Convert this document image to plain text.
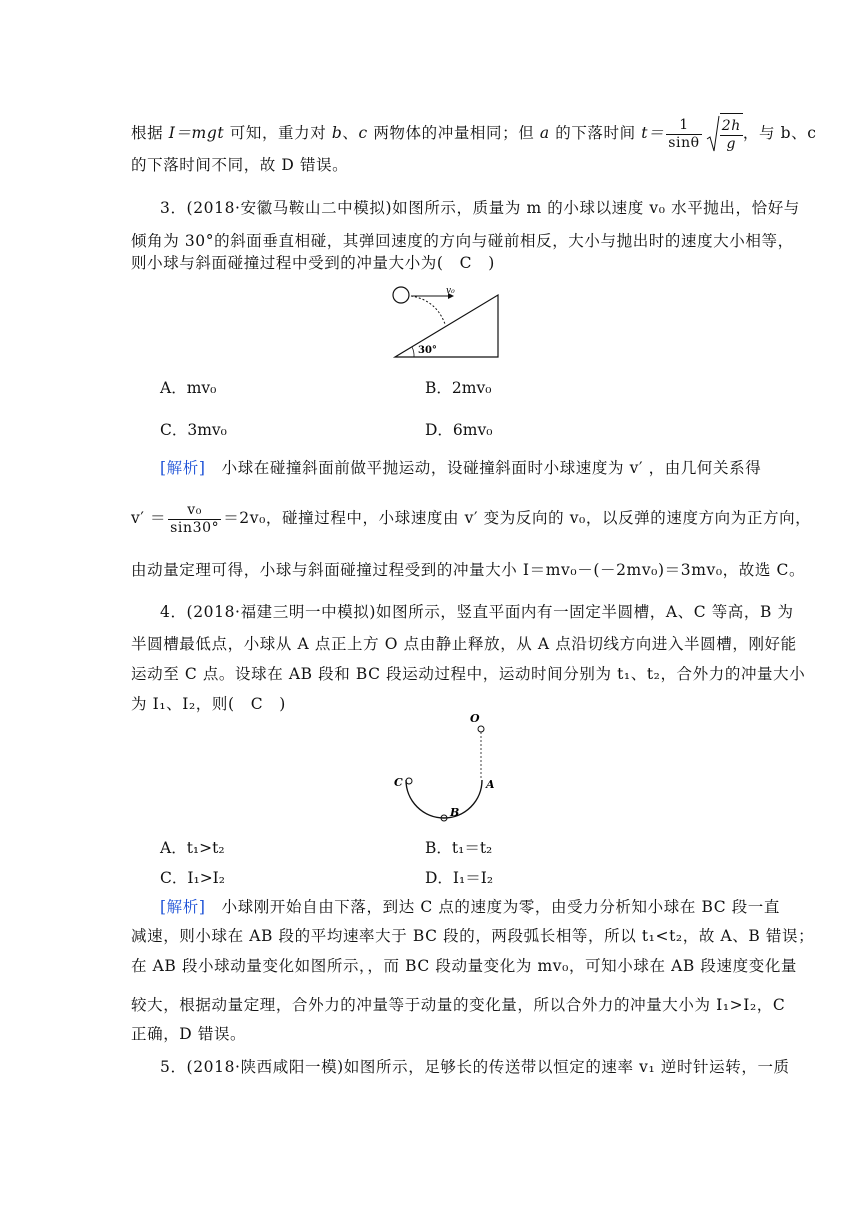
根据 I＝mgt 可知，重力对 b、c 两物体的冲量相同；但 a 的下落时间 $t= \frac{1}{\sin\theta} \frac{2h}{g}$ ，与 b、c
的下落时间不同，故 D 错误。
3．(2018·安徽马鞍山二中模拟)如图所示，质量为 m 的小球以速度 v₀ 水平抛出，恰好与
倾角为 30°的斜面垂直相碰，其弹回速度的方向与碰前相反，大小与抛出时的速度大小相等，
则小球与斜面碰撞过程中受到的冲量大小为(　C　)
v₀
30°
A．mv₀	B．2mv₀
C．3mv₀	D．6mv₀
[解析]　小球在碰撞斜面前做平抛运动，设碰撞斜面时小球速度为 v′ ，由几何关系得
$v' = \frac{\text{v₀}}{\sin 30^\circ} =2v_0$，碰撞过程中，小球速度由 v′ 变为反向的 v₀，以反弹的速度方向为正方向，
由动量定理可得，小球与斜面碰撞过程受到的冲量大小 I＝mv₀－(－2mv₀)＝3mv₀，故选 C。
4．(2018·福建三明一中模拟)如图所示，竖直平面内有一固定半圆槽，A、C 等高，B 为
半圆槽最低点，小球从 A 点正上方 O 点由静止释放，从 A 点沿切线方向进入半圆槽，刚好能
运动至 C 点。设球在 AB 段和 BC 段运动过程中，运动时间分别为 t₁、t₂，合外力的冲量大小
为 I₁、I₂，则(　C　)
O
C	A
B
A．t₁>t₂	B．t₁＝t₂
C．I₁>I₂	D．I₁＝I₂
[解析]　小球刚开始自由下落，到达 C 点的速度为零，由受力分析知小球在 BC 段一直
减速，则小球在 AB 段的平均速率大于 BC 段的，两段弧长相等，所以 t₁<t₂，故 A、B 错误；
在 AB 段小球动量变化如图所示，，而 BC 段动量变化为 mv₀，可知小球在 AB 段速度变化量
较大，根据动量定理，合外力的冲量等于动量的变化量，所以合外力的冲量大小为 I₁>I₂，C
正确，D 错误。
5．(2018·陕西咸阳一模)如图所示，足够长的传送带以恒定的速率 v₁ 逆时针运转，一质
